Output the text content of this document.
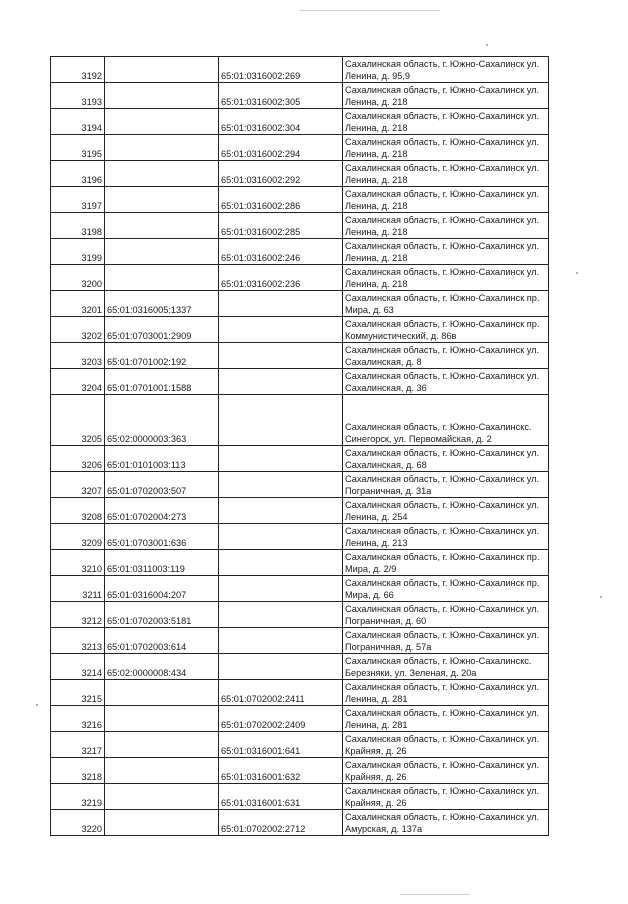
3192		65:01:0316002:269	Сахалинская область, г. Южно-Сахалинск ул.
Ленина, д. 95,9

3193		65:01:0316002:305	Сахалинская область, г. Южно-Сахалинск ул.
Ленина, д. 218

3194		65:01:0316002:304	Сахалинская область, г. Южно-Сахалинск ул.
Ленина, д. 218

3195		65:01:0316002:294	Сахалинская область, г. Южно-Сахалинск ул.
Ленина, д. 218

3196		65:01:0316002:292	Сахалинская область, г. Южно-Сахалинск ул.
Ленина, д. 218

3197		65:01:0316002:286	Сахалинская область, г. Южно-Сахалинск ул.
Ленина, д. 218

3198		65:01:0316002:285	Сахалинская область, г. Южно-Сахалинск ул.
Ленина, д. 218

3199		65:01:0316002:246	Сахалинская область, г. Южно-Сахалинск ул.
Ленина, д. 218

3200		65:01:0316002:236	Сахалинская область, г. Южно-Сахалинск ул.
Ленина, д. 218

3201	65:01:0316005:1337		Сахалинская область, г. Южно-Сахалинск пр.
Мира, д. 63

3202	65:01:0703001:2909		Сахалинская область, г. Южно-Сахалинск пр.
Коммунистический, д. 86в

3203	65:01:0701002:192		Сахалинская область, г. Южно-Сахалинск ул.
Сахалинская, д. 8

3204	65:01:0701001:1588		Сахалинская область, г. Южно-Сахалинск ул.
Сахалинская, д. 36

3205	65:02:0000003:363		Сахалинская область, г. Южно-Сахалинскс.
Синегорск, ул. Первомайская, д. 2

3206	65:01:0101003:113		Сахалинская область, г. Южно-Сахалинск ул.
Сахалинская, д. 68

3207	65:01:0702003:507		Сахалинская область, г. Южно-Сахалинск ул.
Пограничная, д. 31а

3208	65:01:0702004:273		Сахалинская область, г. Южно-Сахалинск ул.
Ленина, д. 254

3209	65:01:0703001:636		Сахалинская область, г. Южно-Сахалинск ул.
Ленина, д. 213

3210	65:01:0311003:119		Сахалинская область, г. Южно-Сахалинск пр.
Мира, д. 2/9

3211	65:01:0316004:207		Сахалинская область, г. Южно-Сахалинск пр.
Мира, д. 66

3212	65:01:0702003:5181		Сахалинская область, г. Южно-Сахалинск ул.
Пограничная, д. 60

3213	65:01:0702003:614		Сахалинская область, г. Южно-Сахалинск ул.
Пограничная, д. 57а

3214	65:02:0000008:434		Сахалинская область, г. Южно-Сахалинскс.
Березняки, ул. Зеленая, д. 20а

3215		65:01:0702002:2411	Сахалинская область, г. Южно-Сахалинск ул.
Ленина, д. 281

3216		65:01:0702002:2409	Сахалинская область, г. Южно-Сахалинск ул.
Ленина, д. 281

3217		65:01:0316001:641	Сахалинская область, г. Южно-Сахалинск ул.
Крайняя, д. 26

3218		65:01:0316001:632	Сахалинская область, г. Южно-Сахалинск ул.
Крайняя, д. 26

3219		65:01:0316001:631	Сахалинская область, г. Южно-Сахалинск ул.
Крайняя, д. 26

3220		65:01:0702002:2712	Сахалинская область, г. Южно-Сахалинск ул.
Амурская, д. 137а
